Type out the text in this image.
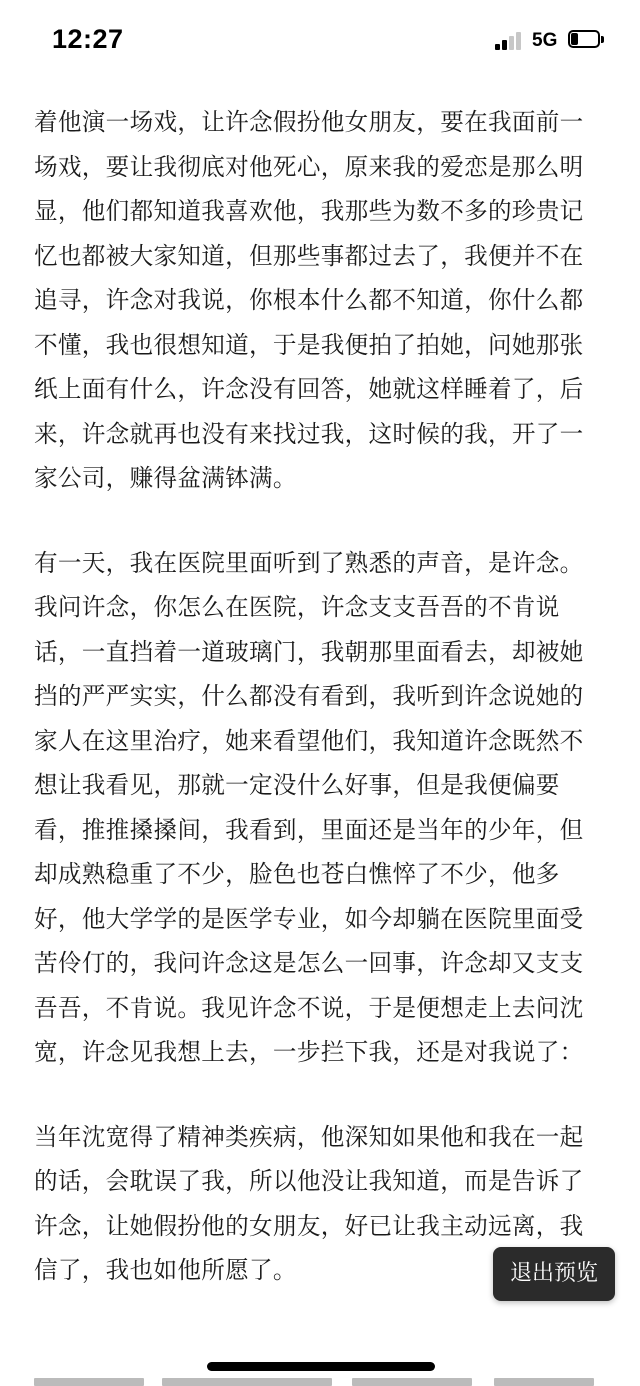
12:27	5G

着他演一场戏，让许念假扮他女朋友，要在我面前一场戏，要让我彻底对他死心，原来我的爱恋是那么明显，他们都知道我喜欢他，我那些为数不多的珍贵记忆也都被大家知道，但那些事都过去了，我便并不在追寻，许念对我说，你根本什么都不知道，你什么都不懂，我也很想知道，于是我便拍了拍她，问她那张纸上面有什么，许念没有回答，她就这样睡着了，后来，许念就再也没有来找过我，这时候的我，开了一家公司，赚得盆满钵满。

有一天，我在医院里面听到了熟悉的声音，是许念。我问许念，你怎么在医院，许念支支吾吾的不肯说话，一直挡着一道玻璃门，我朝那里面看去，却被她挡的严严实实，什么都没有看到，我听到许念说她的家人在这里治疗，她来看望他们，我知道许念既然不想让我看见，那就一定没什么好事，但是我便偏要看，推推搡搡间，我看到，里面还是当年的少年，但却成熟稳重了不少，脸色也苍白憔悴了不少，他多好，他大学学的是医学专业，如今却躺在医院里面受苦伶仃的，我问许念这是怎么一回事，许念却又支支吾吾，不肯说。我见许念不说，于是便想走上去问沈宽，许念见我想上去，一步拦下我，还是对我说了：

当年沈宽得了精神类疾病，他深知如果他和我在一起的话，会耽误了我，所以他没让我知道，而是告诉了许念，让她假扮他的女朋友，好已让我主动远离，我信了，我也如他所愿了。	退出预览
